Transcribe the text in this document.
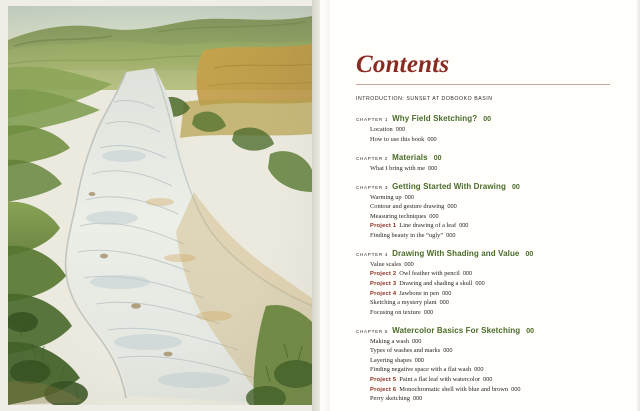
Contents
INTRODUCTION: SUNSET AT DOBOOKO BASIN
CHAPTER 1 Why Field Sketching? 00
Location 000
How to use this book 000
CHAPTER 2 Materials 00
What I bring with me 000
CHAPTER 3 Getting Started With Drawing 00
Warming up 000
Contour and gesture drawing 000
Measuring techniques 000
Project 1 Line drawing of a leaf 000
Finding beauty in the “ugly” 000
CHAPTER 4 Drawing With Shading and Value 00
Value scales 000
Project 2 Owl feather with pencil 000
Project 3 Drawing and shading a skull 000
Project 4 Jawbone in pen 000
Sketching a mystery plant 000
Focusing on texture 000
CHAPTER 5 Watercolor Basics For Sketching 00
Making a wash 000
Types of washes and marks 000
Layering shapes 000
Finding negative space with a flat wash 000
Project 5 Paint a flat leaf with watercolor 000
Project 6 Monochromatic shell with blue and brown 000
Perry sketching 000
